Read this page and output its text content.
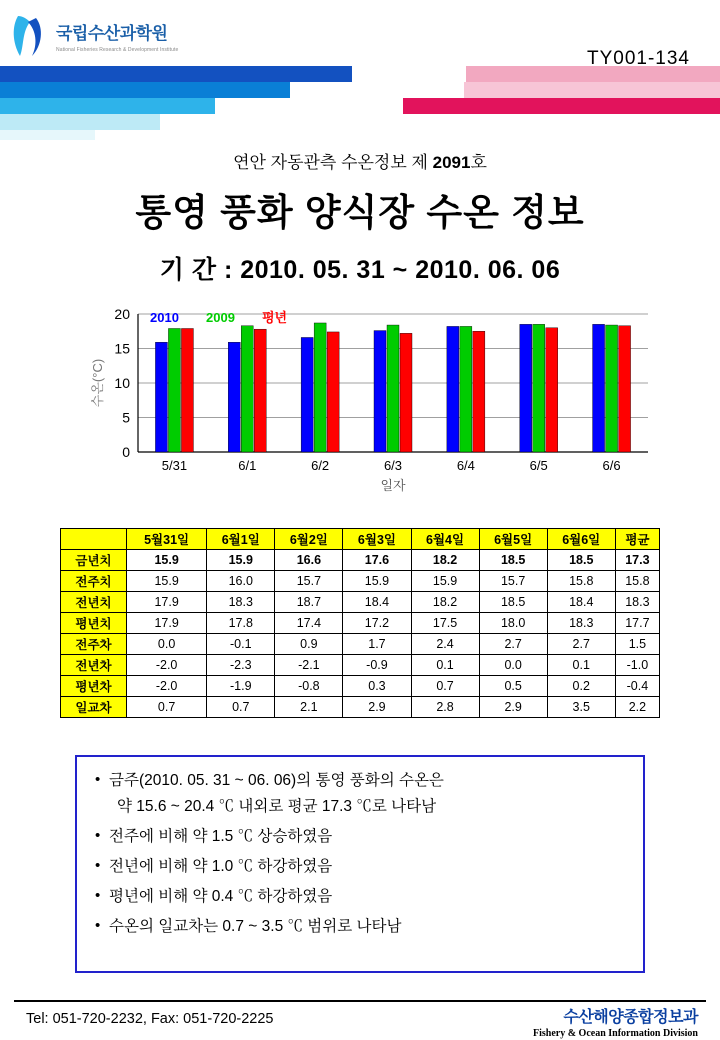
국립수산과학원
National Fisheries Research & Development Institute	TY001-134
연안 자동관측 수온정보 제 2091호
통영 풍화 양식장 수온 정보
기 간 : 2010. 05. 31 ~ 2010. 06. 06
0
5
10
15
20
5/31	6/1	6/2	6/3	6/4	6/5	6/6
일자
수온(°C)
2010 2009 평년
	5월31일	6월1일	6월2일	6월3일	6월4일	6월5일	6월6일	평균
금년치	15.9	15.9	16.6	17.6	18.2	18.5	18.5	17.3
전주치	15.9	16.0	15.7	15.9	15.9	15.7	15.8	15.8
전년치	17.9	18.3	18.7	18.4	18.2	18.5	18.4	18.3
평년치	17.9	17.8	17.4	17.2	17.5	18.0	18.3	17.7
전주차	0.0	-0.1	0.9	1.7	2.4	2.7	2.7	1.5
전년차	-2.0	-2.3	-2.1	-0.9	0.1	0.0	0.1	-1.0
평년차	-2.0	-1.9	-0.8	0.3	0.7	0.5	0.2	-0.4
일교차	0.7	0.7	2.1	2.9	2.8	2.9	3.5	2.2
• 금주(2010. 05. 31 ~ 06. 06)의 통영 풍화의 수온은
약 15.6 ~ 20.4 ℃ 내외로 평균 17.3 ℃로 나타남
• 전주에 비해 약 1.5 ℃ 상승하였음
• 전년에 비해 약 1.0 ℃ 하강하였음
• 평년에 비해 약 0.4 ℃ 하강하였음
• 수온의 일교차는 0.7 ~ 3.5 ℃ 범위로 나타남
Tel: 051-720-2232, Fax: 051-720-2225	수산해양종합정보과
Fishery & Ocean Information Division
